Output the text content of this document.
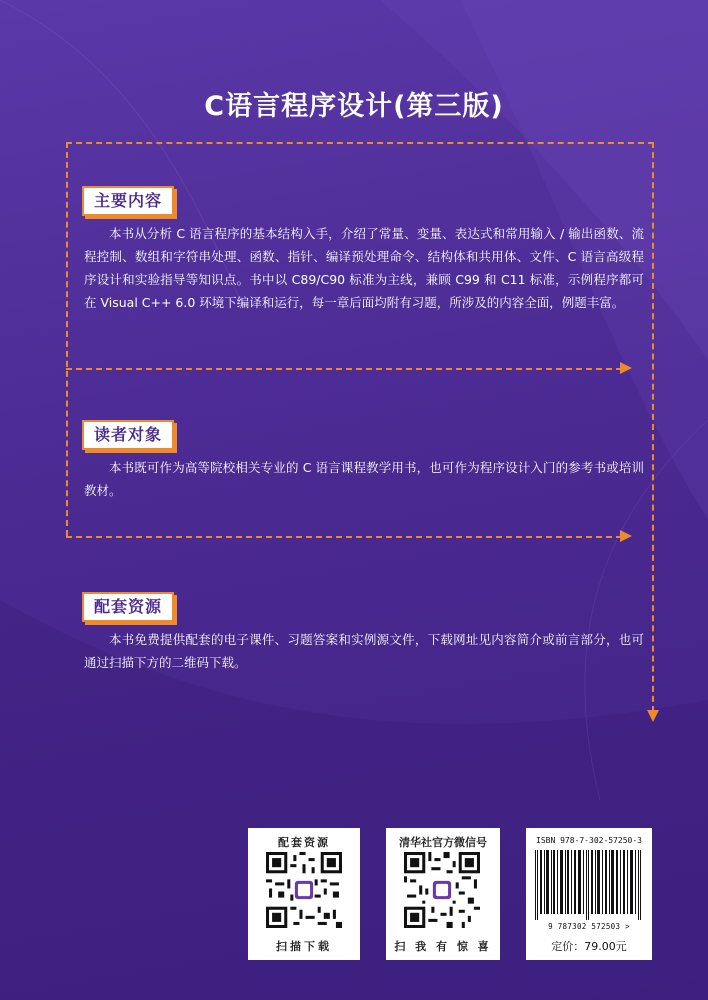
C语言程序设计(第三版)
主要内容
本书从分析 C 语言程序的基本结构入手，介绍了常量、变量、表达式和常用输入 / 输出函数、流程控制、数组和字符串处理、函数、指针、编译预处理命令、结构体和共用体、文件、C 语言高级程序设计和实验指导等知识点。书中以 C89/C90 标准为主线，兼顾 C99 和 C11 标准，示例程序都可在 Visual C++ 6.0 环境下编译和运行，每一章后面均附有习题，所涉及的内容全面，例题丰富。
读者对象
本书既可作为高等院校相关专业的 C 语言课程教学用书，也可作为程序设计入门的参考书或培训教材。
配套资源
本书免费提供配套的电子课件、习题答案和实例源文件，下载网址见内容简介或前言部分，也可通过扫描下方的二维码下载。
配套资源
扫描下载
清华社官方微信号
扫 我 有 惊 喜
ISBN 978-7-302-57250-3
9 787302 572503 >
定价：79.00元
